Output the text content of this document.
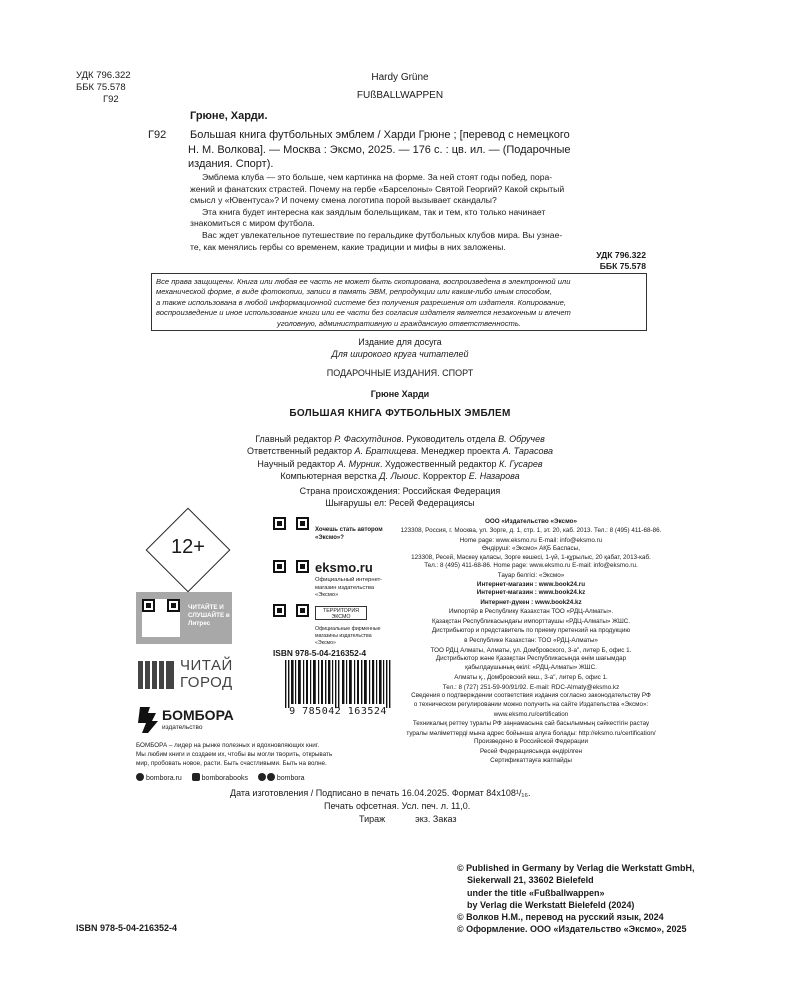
УДК 796.322
ББК 75.578
Г92
Hardy Grüne
FUßBALLWAPPEN
Грюне, Харди.
Г92 Большая книга футбольных эмблем / Харди Грюне ; [перевод с немецкого
Н. М. Волкова]. — Москва : Эксмо, 2025. — 176 с. : цв. ил. — (Подарочные
издания. Спорт).
Эмблема клуба — это больше, чем картинка на форме. За ней стоят годы побед, пора-
жений и фанатских страстей. Почему на гербе «Барселоны» Святой Георгий? Какой скрытый
смысл у «Ювентуса»? И почему смена логотипа порой вызывает скандалы?
Эта книга будет интересна как заядлым болельщикам, так и тем, кто только начинает
знакомиться с миром футбола.
Вас ждет увлекательное путешествие по геральдике футбольных клубов мира. Вы узнае-
те, как менялись гербы со временем, какие традиции и мифы в них заложены.
УДК 796.322
ББК 75.578
Все права защищены. Книга или любая ее часть не может быть скопирована, воспроизведена в электронной или
механической форме, в виде фотокопии, записи в память ЭВМ, репродукции или каким-либо иным способом,
а также использована в любой информационной системе без получения разрешения от издателя. Копирование,
воспроизведение и иное использование книги или ее части без согласия издателя является незаконным и влечет
уголовную, административную и гражданскую ответственность.
Издание для досуга
Для широкого круга читателей
ПОДАРОЧНЫЕ ИЗДАНИЯ. СПОРТ
Грюне Харди
БОЛЬШАЯ КНИГА ФУТБОЛЬНЫХ ЭМБЛЕМ
Главный редактор Р. Фасхутдинов. Руководитель отдела В. Обручев
Ответственный редактор А. Братищева. Менеджер проекта А. Тарасова
Научный редактор А. Мурник. Художественный редактор К. Гусарев
Компьютерная верстка Д. Лыоис. Корректор Е. Назарова
Страна происхождения: Российская Федерация
Шығарушы ел: Ресей Федерациясы
12+
Хочешь стать автором «Эксмо»?
eksmo.ru
Официальный интернет-магазин издательства «Эксмо»
ТЕРРИТОРИЯ ЭКСМО
Официальные фирменные магазины издательства «Эксмо»
ЧИТАЙТЕ И СЛУШАЙТЕ в Литрес
ISBN 978-5-04-216352-4
9 785042 163524
ЧИТАЙ
ГОРОД
БОМБОРА
издательство
БОМБОРА – лидер на рынке полезных и вдохновляющих книг.
Мы любим книги и создаем их, чтобы вы могли творить, открывать
мир, пробовать новое, расти. Быть счастливыми. Быть на волне.
bombora.ru	bomborabooks	bombora
ООО «Издательство «Эксмо»
123308, Россия, г. Москва, ул. Зорге, д. 1, стр. 1, эт. 20, каб. 2013. Тел.: 8 (495) 411-68-86.
Home page: www.eksmo.ru E-mail: info@eksmo.ru
Өндіруші: «Эксмо» АҚБ Баспасы,
123308, Ресей, Мәскеу қаласы, Зорге көшесі, 1-үй, 1-құрылыс, 20 қабат, 2013-каб.
Тел.: 8 (495) 411-68-86. Home page: www.eksmo.ru E-mail: info@eksmo.ru.
Тауар белгісі: «Эксмо»
Интернет-магазин : www.book24.ru
Интернет-магазин : www.book24.kz
Интернет-дүкен : www.book24.kz
Импортёр в Республику Казахстан ТОО «РДЦ-Алматы».
Қазақстан Республикасындағы импорттаушы «РДЦ-Алматы» ЖШС.
Дистрибьютор и представитель по приему претензий на продукцию
в Республике Казахстан: ТОО «РДЦ-Алматы»
ТОО РДЦ Алматы, Алматы, ул. Домбровского, 3-а", литер Б, офис 1.
Дистрибьютор және Қазақстан Республикасында өнім шағымдар
қабылдаушының өкілі: «РДЦ-Алматы» ЖШС.
Алматы қ., Домбровский көш., 3-а", литер Б, офис 1.
Тел.: 8 (727) 251-59-90/91/92. E-mail: RDC-Almaty@eksmo.kz
Сведения о подтверждении соответствия издания согласно законодательству РФ
о техническом регулировании можно получить на сайте Издательства «Эксмо»:
www.eksmo.ru/certification
Техникалық реттеу туралы РФ заңнамасына сай басылымның сәйкестігін растау
туралы мәліметтерді мына адрес бойынша алуға болады: http://eksmo.ru/certification/
Произведено в Российской Федерации
Ресей Федерациясында өндірілген
Сертификаттауға жатпайды
Дата изготовления / Подписано в печать 16.04.2025. Формат 84x108¹/₁₆.
Печать офсетная. Усл. печ. л. 11,0.
Тираж	экз. Заказ
© Published in Germany by Verlag die Werkstatt GmbH,
Siekerwall 21, 33602 Bielefeld
under the title «Fußballwappen»
by Verlag die Werkstatt Bielefeld (2024)
© Волков Н.М., перевод на русский язык, 2024
© Оформление. ООО «Издательство «Эксмо», 2025
ISBN 978-5-04-216352-4
